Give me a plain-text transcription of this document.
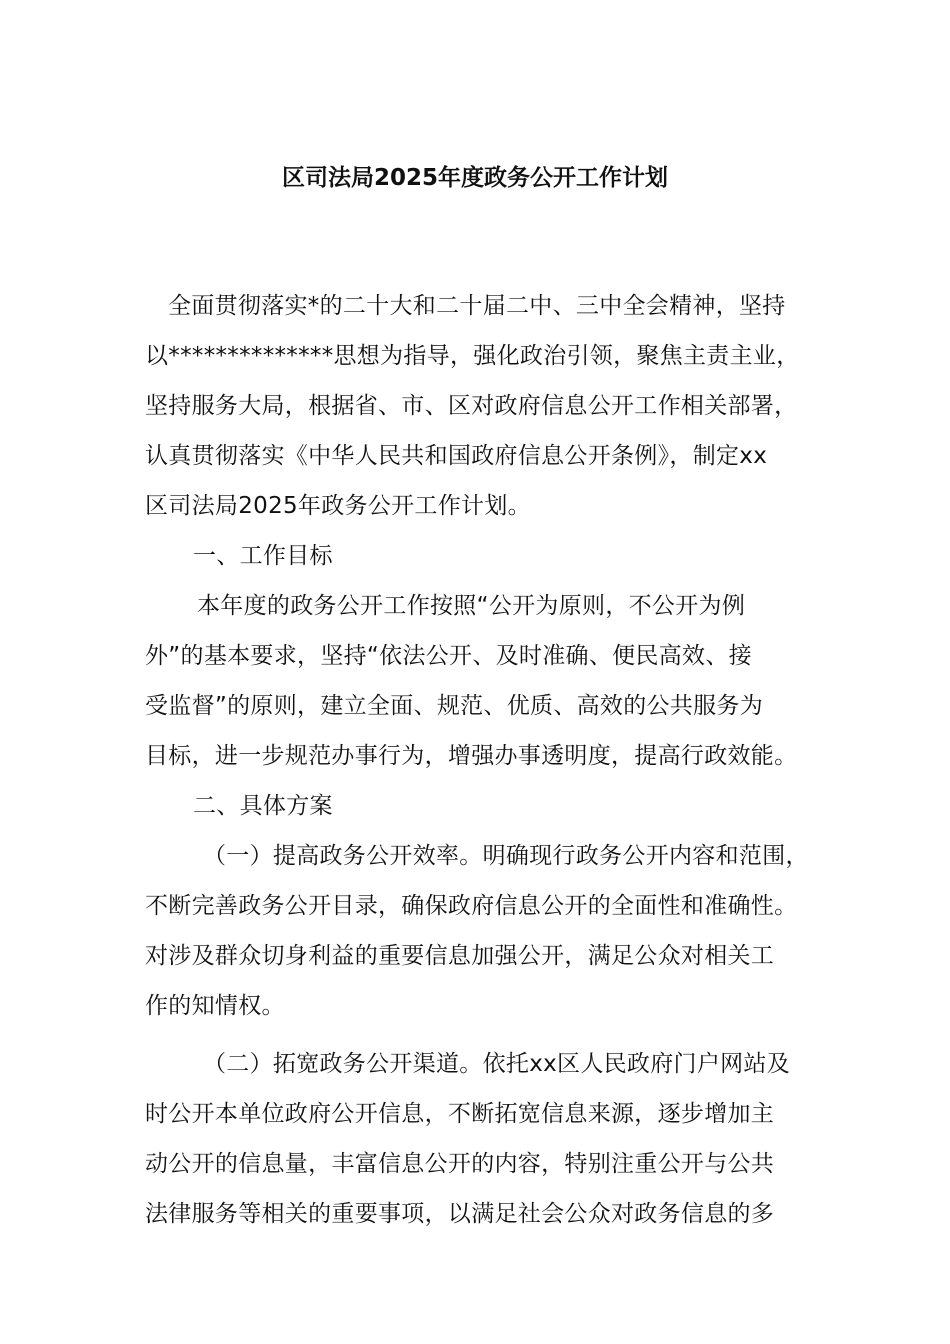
区司法局2025年度政务公开工作计划
全面贯彻落实*的二十大和二十届二中、三中全会精神，坚持
以**************思想为指导，强化政治引领，聚焦主责主业，
坚持服务大局，根据省、市、区对政府信息公开工作相关部署，
认真贯彻落实《中华人民共和国政府信息公开条例》，制定xx
区司法局2025年政务公开工作计划。
一、工作目标
本年度的政务公开工作按照“公开为原则，不公开为例
外”的基本要求，坚持“依法公开、及时准确、便民高效、接
受监督”的原则，建立全面、规范、优质、高效的公共服务为
目标，进一步规范办事行为，增强办事透明度，提高行政效能。
二、具体方案
（一）提高政务公开效率。明确现行政务公开内容和范围，
不断完善政务公开目录，确保政府信息公开的全面性和准确性。
对涉及群众切身利益的重要信息加强公开，满足公众对相关工
作的知情权。
（二）拓宽政务公开渠道。依托xx区人民政府门户网站及
时公开本单位政府公开信息，不断拓宽信息来源，逐步增加主
动公开的信息量，丰富信息公开的内容，特别注重公开与公共
法律服务等相关的重要事项，以满足社会公众对政务信息的多
